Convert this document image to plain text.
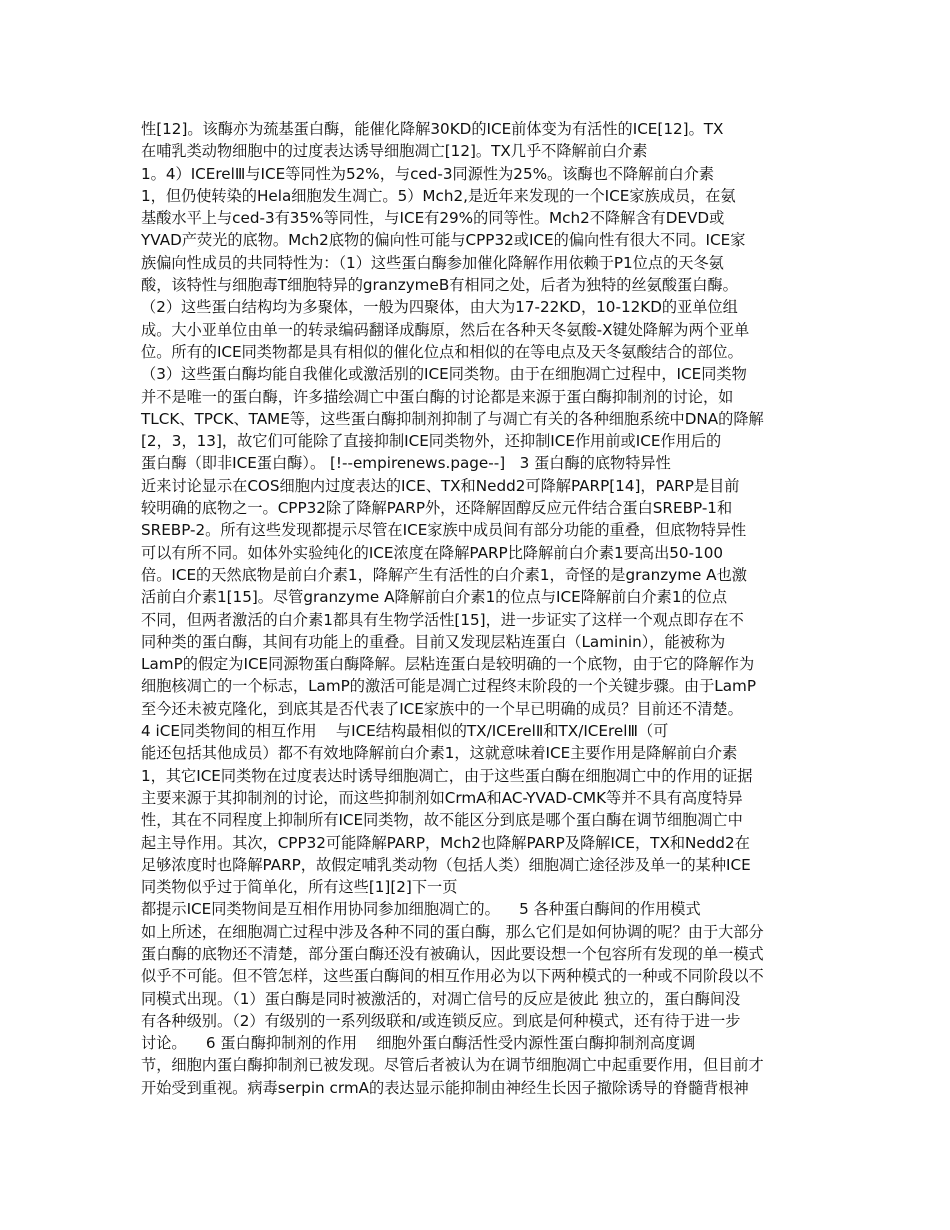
性[12]。该酶亦为巯基蛋白酶，能催化降解30KD的ICE前体变为有活性的ICE[12]。TX
在哺乳类动物细胞中的过度表达诱导细胞凋亡[12]。TX几乎不降解前白介素
1。4）ICErelⅢ与ICE等同性为52%，与ced-3同源性为25%。该酶也不降解前白介素
1，但仍使转染的Hela细胞发生凋亡。5）Mch2,是近年来发现的一个ICE家族成员，在氨
基酸水平上与ced-3有35%等同性，与ICE有29%的同等性。Mch2不降解含有DEVD或
YVAD产荧光的底物。Mch2底物的偏向性可能与CPP32或ICE的偏向性有很大不同。ICE家
族偏向性成员的共同特性为：（1）这些蛋白酶参加催化降解作用依赖于P1位点的天冬氨
酸，该特性与细胞毒T细胞特异的granzymeB有相同之处，后者为独特的丝氨酸蛋白酶。
（2）这些蛋白结构均为多聚体，一般为四聚体，由大为17-22KD，10-12KD的亚单位组
成。大小亚单位由单一的转录编码翻译成酶原，然后在各种天冬氨酸-X键处降解为两个亚单
位。所有的ICE同类物都是具有相似的催化位点和相似的在等电点及天冬氨酸结合的部位。
（3）这些蛋白酶均能自我催化或激活别的ICE同类物。由于在细胞凋亡过程中，ICE同类物
并不是唯一的蛋白酶，许多描绘凋亡中蛋白酶的讨论都是来源于蛋白酶抑制剂的讨论，如
TLCK、TPCK、TAME等，这些蛋白酶抑制剂抑制了与凋亡有关的各种细胞系统中DNA的降解
[2，3，13]，故它们可能除了直接抑制ICE同类物外，还抑制ICE作用前或ICE作用后的
蛋白酶（即非ICE蛋白酶）。 [!--empirenews.page--]   3 蛋白酶的底物特异性
近来讨论显示在COS细胞内过度表达的ICE、TX和Nedd2可降解PARP[14]，PARP是目前
较明确的底物之一。CPP32除了降解PARP外，还降解固醇反应元件结合蛋白SREBP-1和
SREBP-2。所有这些发现都提示尽管在ICE家族中成员间有部分功能的重叠，但底物特异性
可以有所不同。如体外实验纯化的ICE浓度在降解PARP比降解前白介素1要高出50-100
倍。ICE的天然底物是前白介素1，降解产生有活性的白介素1，奇怪的是granzyme A也激
活前白介素1[15]。尽管granzyme A降解前白介素1的位点与ICE降解前白介素1的位点
不同，但两者激活的白介素1都具有生物学活性[15]，进一步证实了这样一个观点即存在不
同种类的蛋白酶，其间有功能上的重叠。目前又发现层粘连蛋白（Laminin），能被称为
LamP的假定为ICE同源物蛋白酶降解。层粘连蛋白是较明确的一个底物，由于它的降解作为
细胞核凋亡的一个标志，LamP的激活可能是凋亡过程终末阶段的一个关键步骤。由于LamP
至今还未被克隆化，到底其是否代表了ICE家族中的一个早已明确的成员？目前还不清楚。
4 iCE同类物间的相互作用    与ICE结构最相似的TX/ICErelⅡ和TX/ICErelⅢ（可
能还包括其他成员）都不有效地降解前白介素1，这就意味着ICE主要作用是降解前白介素
1，其它ICE同类物在过度表达时诱导细胞凋亡，由于这些蛋白酶在细胞凋亡中的作用的证据
主要来源于其抑制剂的讨论，而这些抑制剂如CrmA和AC-YVAD-CMK等并不具有高度特异
性，其在不同程度上抑制所有ICE同类物，故不能区分到底是哪个蛋白酶在调节细胞凋亡中
起主导作用。其次，CPP32可能降解PARP，Mch2也降解PARP及降解ICE，TX和Nedd2在
足够浓度时也降解PARP，故假定哺乳类动物（包括人类）细胞凋亡途径涉及单一的某种ICE
同类物似乎过于简单化，所有这些[1][2]下一页
都提示ICE同类物间是互相作用协同参加细胞凋亡的。    5 各种蛋白酶间的作用模式
如上所述，在细胞凋亡过程中涉及各种不同的蛋白酶，那么它们是如何协调的呢？由于大部分
蛋白酶的底物还不清楚，部分蛋白酶还没有被确认，因此要设想一个包容所有发现的单一模式
似乎不可能。但不管怎样，这些蛋白酶间的相互作用必为以下两种模式的一种或不同阶段以不
同模式出现。（1）蛋白酶是同时被激活的，对凋亡信号的反应是彼此 独立的，蛋白酶间没
有各种级别。（2）有级别的一系列级联和/或连锁反应。到底是何种模式，还有待于进一步
讨论。    6 蛋白酶抑制剂的作用    细胞外蛋白酶活性受内源性蛋白酶抑制剂高度调
节，细胞内蛋白酶抑制剂已被发现。尽管后者被认为在调节细胞凋亡中起重要作用，但目前才
开始受到重视。病毒serpin crmA的表达显示能抑制由神经生长因子撤除诱导的脊髓背根神
